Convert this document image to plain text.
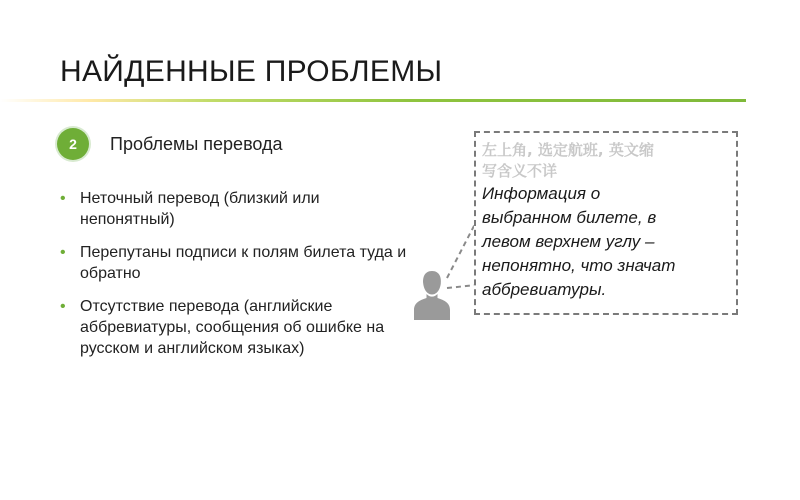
НАЙДЕННЫЕ ПРОБЛЕМЫ
2	Проблемы перевода
• Неточный перевод (близкий или непонятный)
• Перепутаны подписи к полям билета туда и обратно
• Отсутствие перевода (английские аббревиатуры, сообщения об ошибке на русском и английском языках)
左上角, 选定航班, 英文缩
写含义不详
Информация о
выбранном билете, в
левом верхнем углу –
непонятно, что значат
аббревиатуры.
